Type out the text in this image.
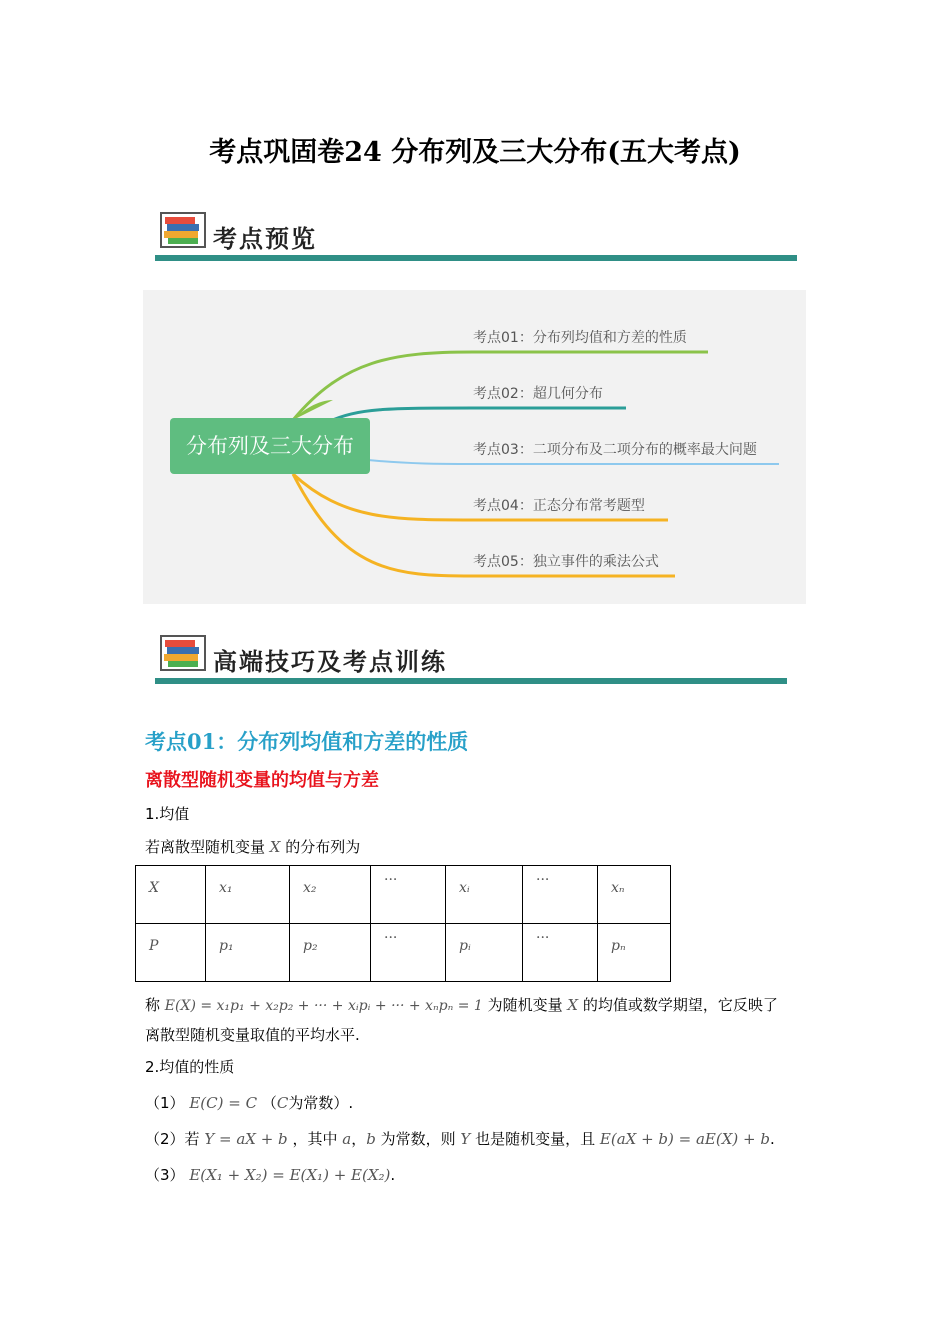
考点巩固卷24 分布列及三大分布(五大考点)
考点预览
分布列及三大分布
考点01：分布列均值和方差的性质
考点02：超几何分布
考点03：二项分布及二项分布的概率最大问题
考点04：正态分布常考题型
考点05：独立事件的乘法公式
高端技巧及考点训练
考点01：分布列均值和方差的性质
离散型随机变量的均值与方差
1.均值
若离散型随机变量 X 的分布列为
X	x₁	x₂	···	xᵢ	···	xₙ
P	p₁	p₂	···	pᵢ	···	pₙ
称 E(X) = x₁p₁ + x₂p₂ + ··· + xᵢpᵢ + ··· + xₙpₙ = 1 为随机变量 X 的均值或数学期望，它反映了
离散型随机变量取值的平均水平.
2.均值的性质
（1） E(C) = C （C为常数）.
（2）若 Y = aX + b ，其中 a，b 为常数，则 Y 也是随机变量，且 E(aX + b) = aE(X) + b.
（3） E(X₁ + X₂) = E(X₁) + E(X₂).
